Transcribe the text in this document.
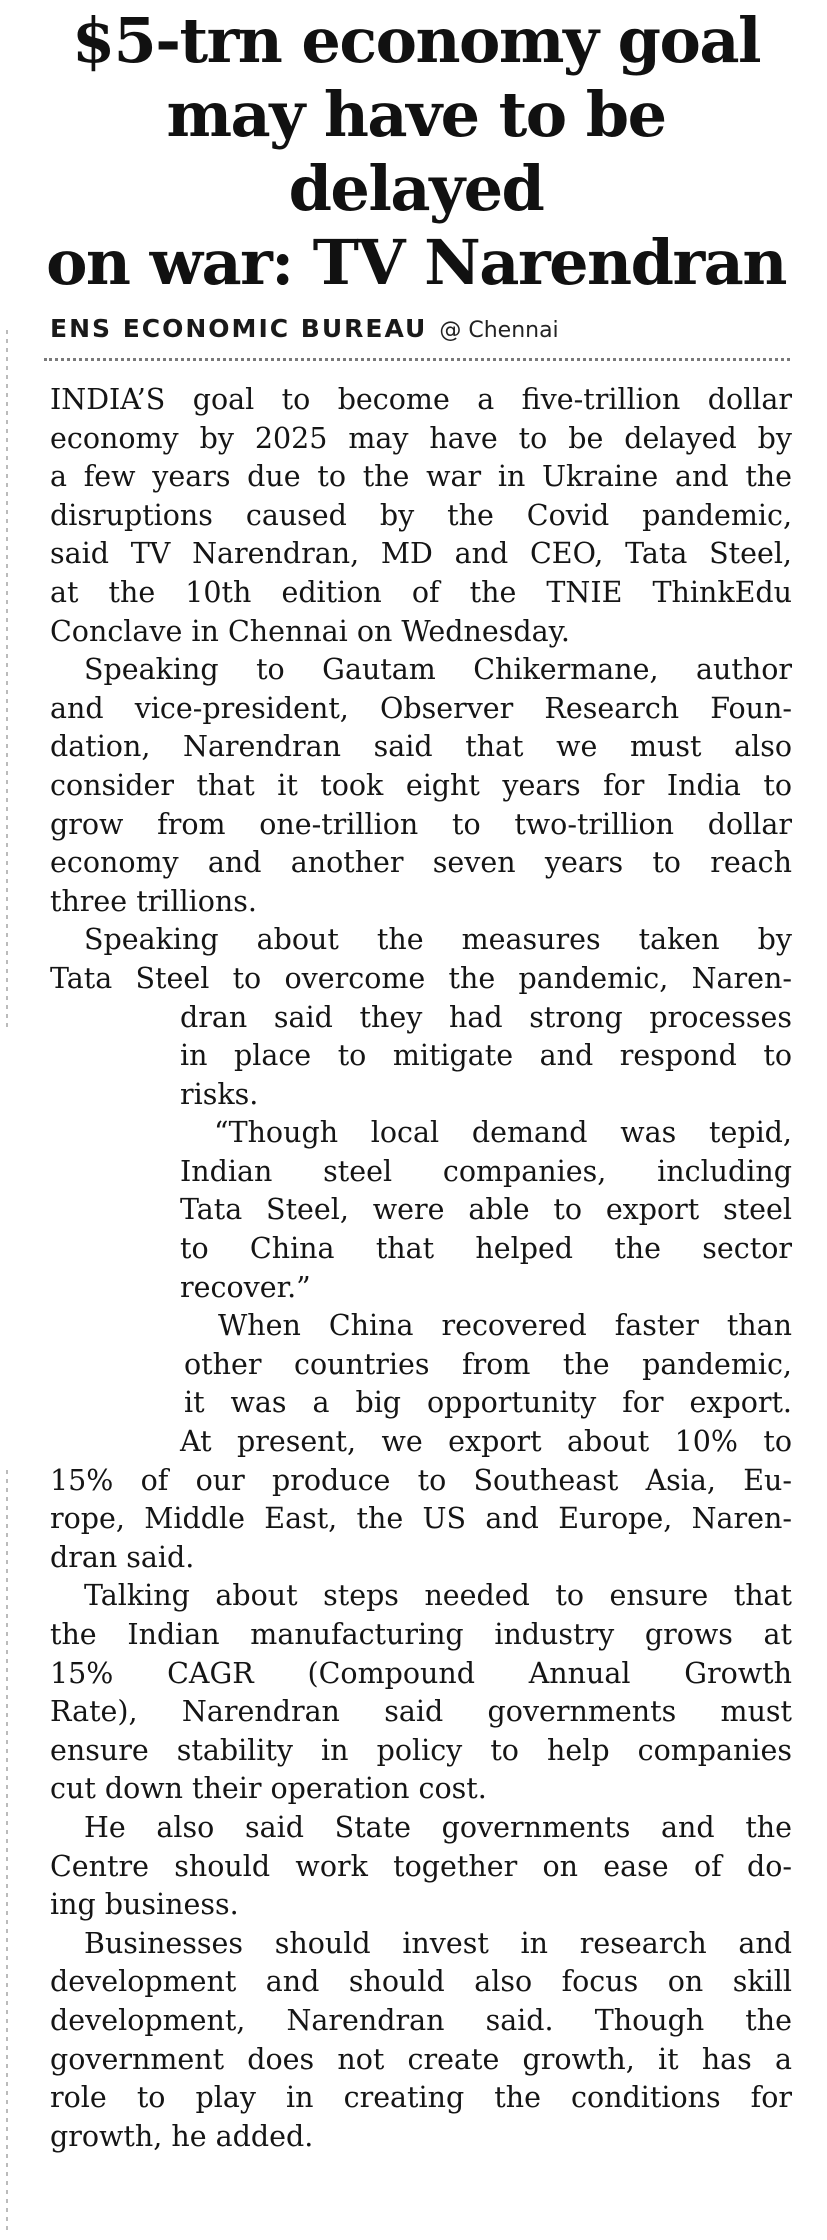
$5-trn economy goal
may have to be delayed
on war: TV Narendran
ENS ECONOMIC BUREAU @ Chennai
INDIA’S goal to become a five-trillion dollar
economy by 2025 may have to be delayed by
a few years due to the war in Ukraine and the
disruptions caused by the Covid pandemic,
said TV Narendran, MD and CEO, Tata Steel,
at the 10th edition of the TNIE ThinkEdu
Conclave in Chennai on Wednesday.
Speaking to Gautam Chikermane, author
and vice-president, Observer Research Foun-
dation, Narendran said that we must also
consider that it took eight years for India to
grow from one-trillion to two-trillion dollar
economy and another seven years to reach
three trillions.
Speaking about the measures taken by
Tata Steel to overcome the pandemic, Naren-
dran said they had strong processes
in place to mitigate and respond to
risks.
“Though local demand was tepid,
Indian steel companies, including
Tata Steel, were able to export steel
to China that helped the sector
recover.”
When China recovered faster than
other countries from the pandemic,
it was a big opportunity for export.
At present, we export about 10% to
15% of our produce to Southeast Asia, Eu-
rope, Middle East, the US and Europe, Naren-
dran said.
Talking about steps needed to ensure that
the Indian manufacturing industry grows at
15% CAGR (Compound Annual Growth
Rate), Narendran said governments must
ensure stability in policy to help companies
cut down their operation cost.
He also said State governments and the
Centre should work together on ease of do-
ing business.
Businesses should invest in research and
development and should also focus on skill
development, Narendran said. Though the
government does not create growth, it has a
role to play in creating the conditions for
growth, he added.
